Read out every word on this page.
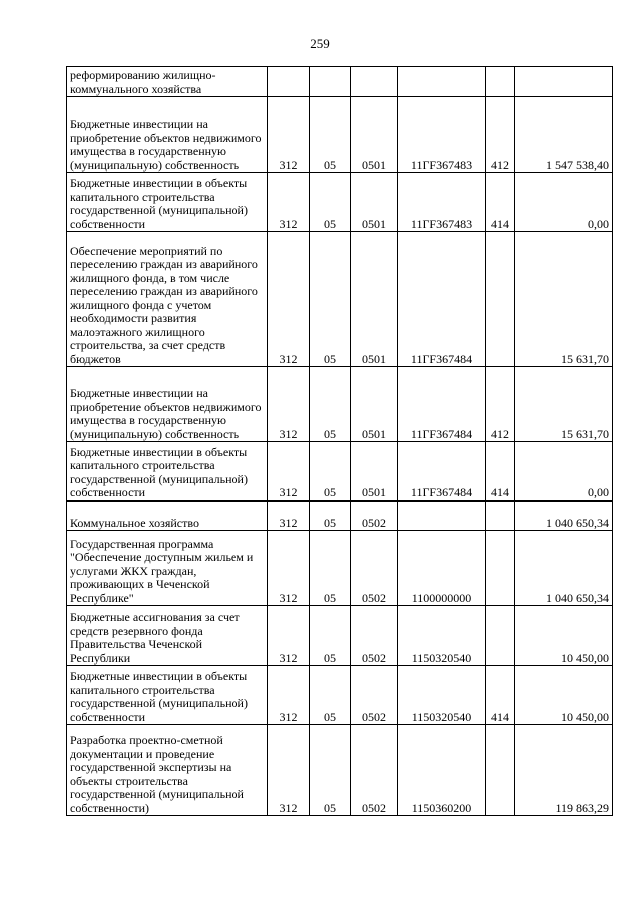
259
реформированию жилищно-коммунального хозяйства						
Бюджетные инвестиции на приобретение объектов недвижимого имущества в государственную (муниципальную) собственность	312	05	0501	11ГF367483	412	1 547 538,40
Бюджетные инвестиции в объекты капитального строительства государственной (муниципальной) собственности	312	05	0501	11ГF367483	414	0,00
Обеспечение мероприятий по переселению граждан из аварийного жилищного фонда, в том числе переселению граждан из аварийного жилищного фонда с учетом необходимости развития малоэтажного жилищного строительства, за счет средств бюджетов	312	05	0501	11ГF367484		15 631,70
Бюджетные инвестиции на приобретение объектов недвижимого имущества в государственную (муниципальную) собственность	312	05	0501	11ГF367484	412	15 631,70
Бюджетные инвестиции в объекты капитального строительства государственной (муниципальной) собственности	312	05	0501	11ГF367484	414	0,00
Коммунальное хозяйство	312	05	0502			1 040 650,34
Государственная программа "Обеспечение доступным жильем и услугами ЖКХ граждан, проживающих в Чеченской Республике"	312	05	0502	1100000000		1 040 650,34
Бюджетные ассигнования за счет средств резервного фонда Правительства Чеченской Республики	312	05	0502	1150320540		10 450,00
Бюджетные инвестиции в объекты капитального строительства государственной (муниципальной) собственности	312	05	0502	1150320540	414	10 450,00
Разработка проектно-сметной документации и проведение государственной экспертизы на объекты строительства государственной (муниципальной собственности)	312	05	0502	1150360200		119 863,29
